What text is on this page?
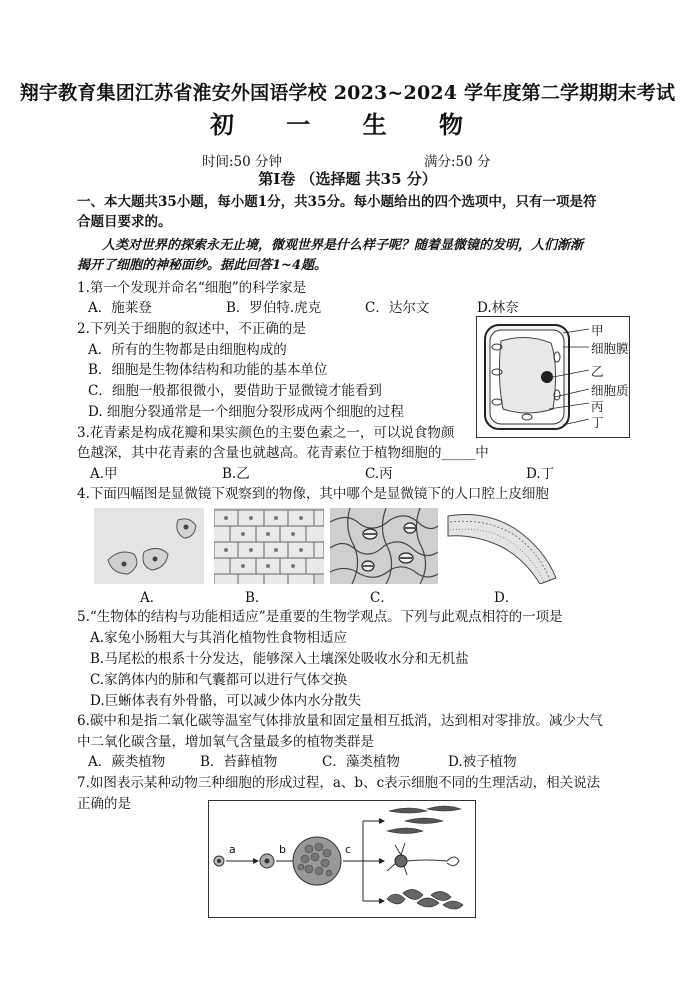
翔宇教育集团江苏省淮安外国语学校 2023~2024 学年度第二学期期末考试
初 一 生 物
时间:50 分钟	满分:50 分
第Ⅰ卷 （选择题 共35 分）
一、本大题共35小题，每小题1分，共35分。每小题给出的四个选项中，只有一项是符
合题目要求的。
人类对世界的探索永无止境，微观世界是什么样子呢？随着显微镜的发明，人们渐渐
揭开了细胞的神秘面纱。据此回答1~4题。
1.第一个发现并命名“细胞”的科学家是
A．施莱登	B．罗伯特.虎克	C．达尔文	D.林奈
2.下列关于细胞的叙述中，不正确的是
A．所有的生物都是由细胞构成的
B．细胞是生物体结构和功能的基本单位
C．细胞一般都很微小，要借助于显微镜才能看到
D. 细胞分裂通常是一个细胞分裂形成两个细胞的过程
甲
细胞膜
乙
细胞质
丙
丁
3.花青素是构成花瓣和果实颜色的主要色素之一，可以说食物颜
色越深，其中花青素的含量也就越高。花青素位于植物细胞的_____中
A.甲	B.乙	C.丙	D.丁
4.下面四幅图是显微镜下观察到的物像，其中哪个是显微镜下的人口腔上皮细胞
A．	B．	C．	D．
5.“生物体的结构与功能相适应”是重要的生物学观点。下列与此观点相符的一项是
A.家兔小肠粗大与其消化植物性食物相适应
B.马尾松的根系十分发达，能够深入土壤深处吸收水分和无机盐
C.家鸽体内的肺和气囊都可以进行气体交换
D.巨蜥体表有外骨骼，可以减少体内水分散失
6.碳中和是指二氧化碳等温室气体排放量和固定量相互抵消，达到相对零排放。减少大气
中二氧化碳含量，增加氧气含量最多的植物类群是
A．蕨类植物	B．苔藓植物	C．藻类植物	D.被子植物
7.如图表示某种动物三种细胞的形成过程，a、b、c表示细胞不同的生理活动，相关说法
正确的是
a	b	c
